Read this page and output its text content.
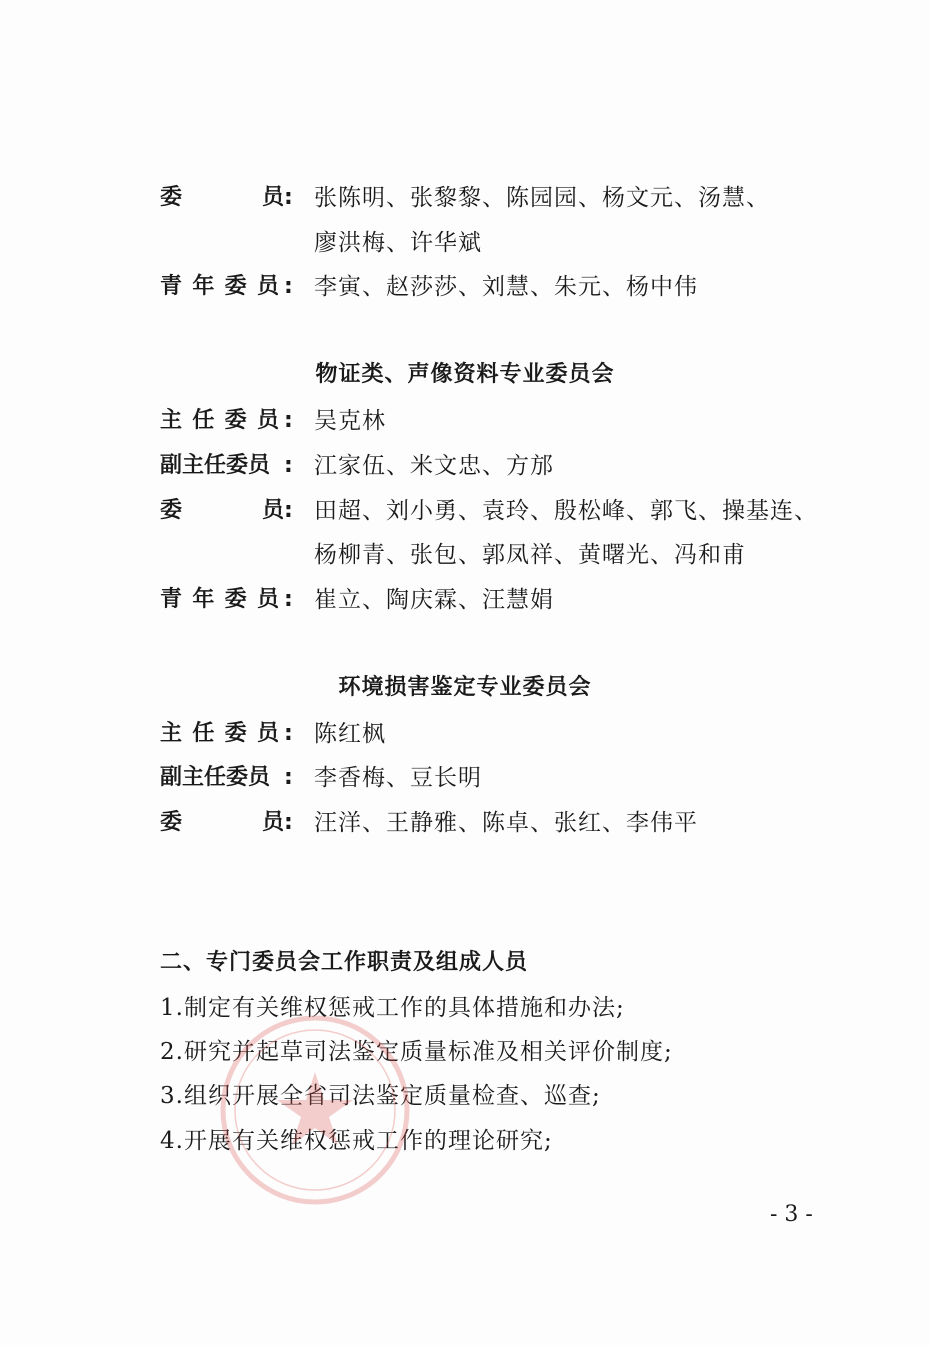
委	员 : 张陈明、张黎黎、陈园园、杨文元、汤慧、
廖洪梅、许华斌
青 年 委 员 : 李寅、赵莎莎、刘慧、朱元、杨中伟
物证类、声像资料专业委员会
主 任 委 员 : 吴克林
副主任委员 : 江家伍、米文忠、方邡
委	员 : 田超、刘小勇、袁玲、殷松峰、郭飞、操基连、
杨柳青、张包、郭凤祥、黄曙光、冯和甫
青 年 委 员 : 崔立、陶庆霖、汪慧娟
环境损害鉴定专业委员会
主 任 委 员 : 陈红枫
副主任委员 : 李香梅、豆长明
委	员 : 汪洋、王静雅、陈卓、张红、李伟平
二、专门委员会工作职责及组成人员
1.制定有关维权惩戒工作的具体措施和办法;
2.研究并起草司法鉴定质量标准及相关评价制度;
3.组织开展全省司法鉴定质量检查、巡查;
4.开展有关维权惩戒工作的理论研究;
- 3 -
